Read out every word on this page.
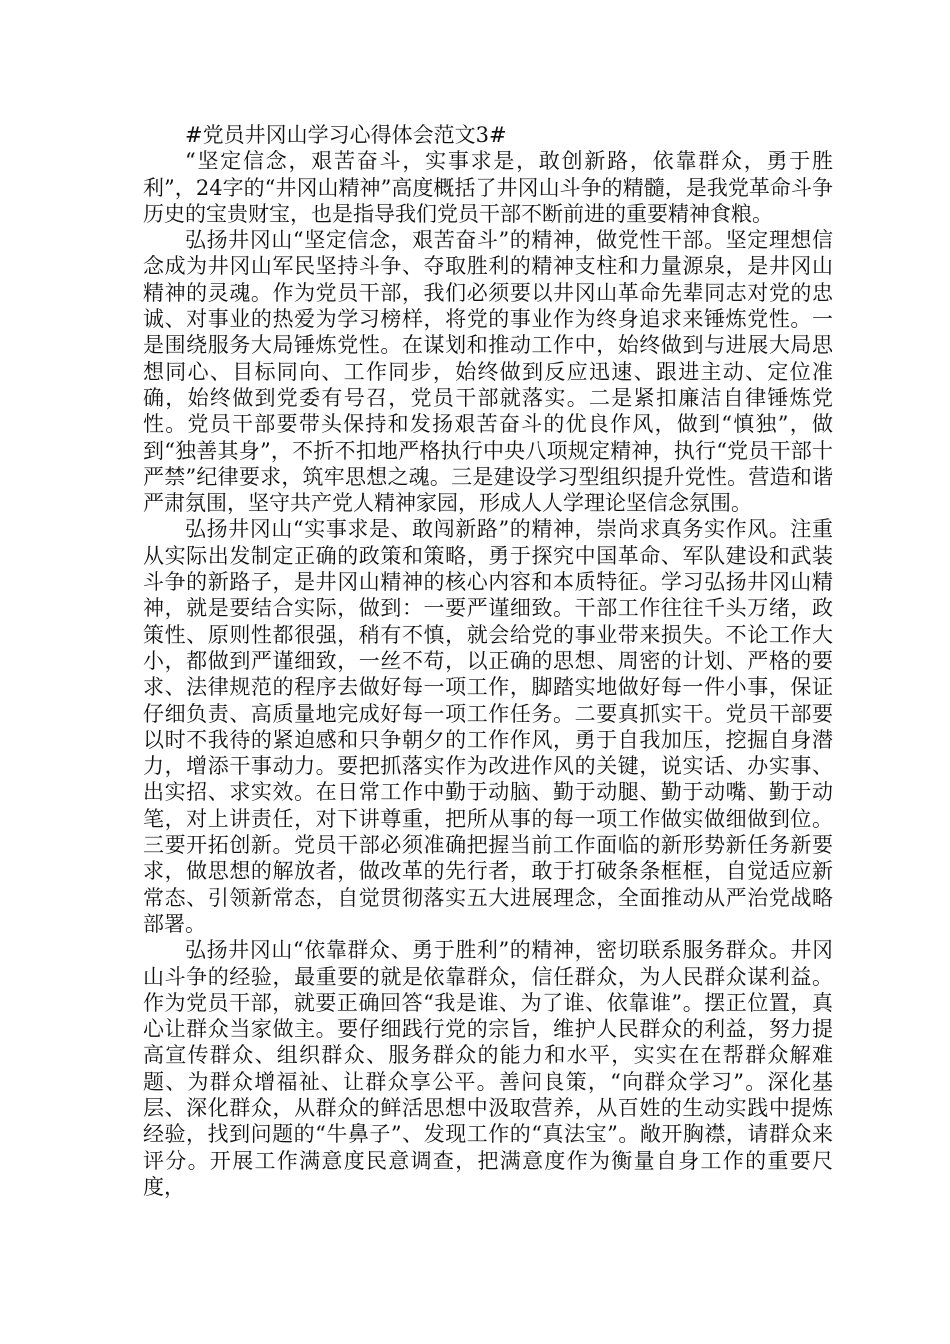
#党员井冈山学习心得体会范文3#

“坚定信念，艰苦奋斗，实事求是，敢创新路，依靠群众，勇于胜利”，24字的“井冈山精神”高度概括了井冈山斗争的精髓，是我党革命斗争历史的宝贵财宝，也是指导我们党员干部不断前进的重要精神食粮。

弘扬井冈山“坚定信念，艰苦奋斗”的精神，做党性干部。坚定理想信念成为井冈山军民坚持斗争、夺取胜利的精神支柱和力量源泉，是井冈山精神的灵魂。作为党员干部，我们必须要以井冈山革命先辈同志对党的忠诚、对事业的热爱为学习榜样，将党的事业作为终身追求来锤炼党性。一是围绕服务大局锤炼党性。在谋划和推动工作中，始终做到与进展大局思想同心、目标同向、工作同步，始终做到反应迅速、跟进主动、定位准确，始终做到党委有号召，党员干部就落实。二是紧扣廉洁自律锤炼党性。党员干部要带头保持和发扬艰苦奋斗的优良作风，做到“慎独”，做到“独善其身”，不折不扣地严格执行中央八项规定精神，执行“党员干部十严禁”纪律要求，筑牢思想之魂。三是建设学习型组织提升党性。营造和谐严肃氛围，坚守共产党人精神家园，形成人人学理论坚信念氛围。

弘扬井冈山“实事求是、敢闯新路”的精神，崇尚求真务实作风。注重从实际出发制定正确的政策和策略，勇于探究中国革命、军队建设和武装斗争的新路子，是井冈山精神的核心内容和本质特征。学习弘扬井冈山精神，就是要结合实际，做到：一要严谨细致。干部工作往往千头万绪，政策性、原则性都很强，稍有不慎，就会给党的事业带来损失。不论工作大小，都做到严谨细致，一丝不苟，以正确的思想、周密的计划、严格的要求、法律规范的程序去做好每一项工作，脚踏实地做好每一件小事，保证仔细负责、高质量地完成好每一项工作任务。二要真抓实干。党员干部要以时不我待的紧迫感和只争朝夕的工作作风，勇于自我加压，挖掘自身潜力，增添干事动力。要把抓落实作为改进作风的关键，说实话、办实事、出实招、求实效。在日常工作中勤于动脑、勤于动腿、勤于动嘴、勤于动笔，对上讲责任，对下讲尊重，把所从事的每一项工作做实做细做到位。三要开拓创新。党员干部必须准确把握当前工作面临的新形势新任务新要求，做思想的解放者，做改革的先行者，敢于打破条条框框，自觉适应新常态、引领新常态，自觉贯彻落实五大进展理念，全面推动从严治党战略部署。

弘扬井冈山“依靠群众、勇于胜利”的精神，密切联系服务群众。井冈山斗争的经验，最重要的就是依靠群众，信任群众，为人民群众谋利益。作为党员干部，就要正确回答“我是谁、为了谁、依靠谁”。摆正位置，真心让群众当家做主。要仔细践行党的宗旨，维护人民群众的利益，努力提高宣传群众、组织群众、服务群众的能力和水平，实实在在帮群众解难题、为群众增福祉、让群众享公平。善问良策，“向群众学习”。深化基层、深化群众，从群众的鲜活思想中汲取营养，从百姓的生动实践中提炼经验，找到问题的“牛鼻子”、发现工作的“真法宝”。敞开胸襟，请群众来评分。开展工作满意度民意调查，把满意度作为衡量自身工作的重要尺度，
